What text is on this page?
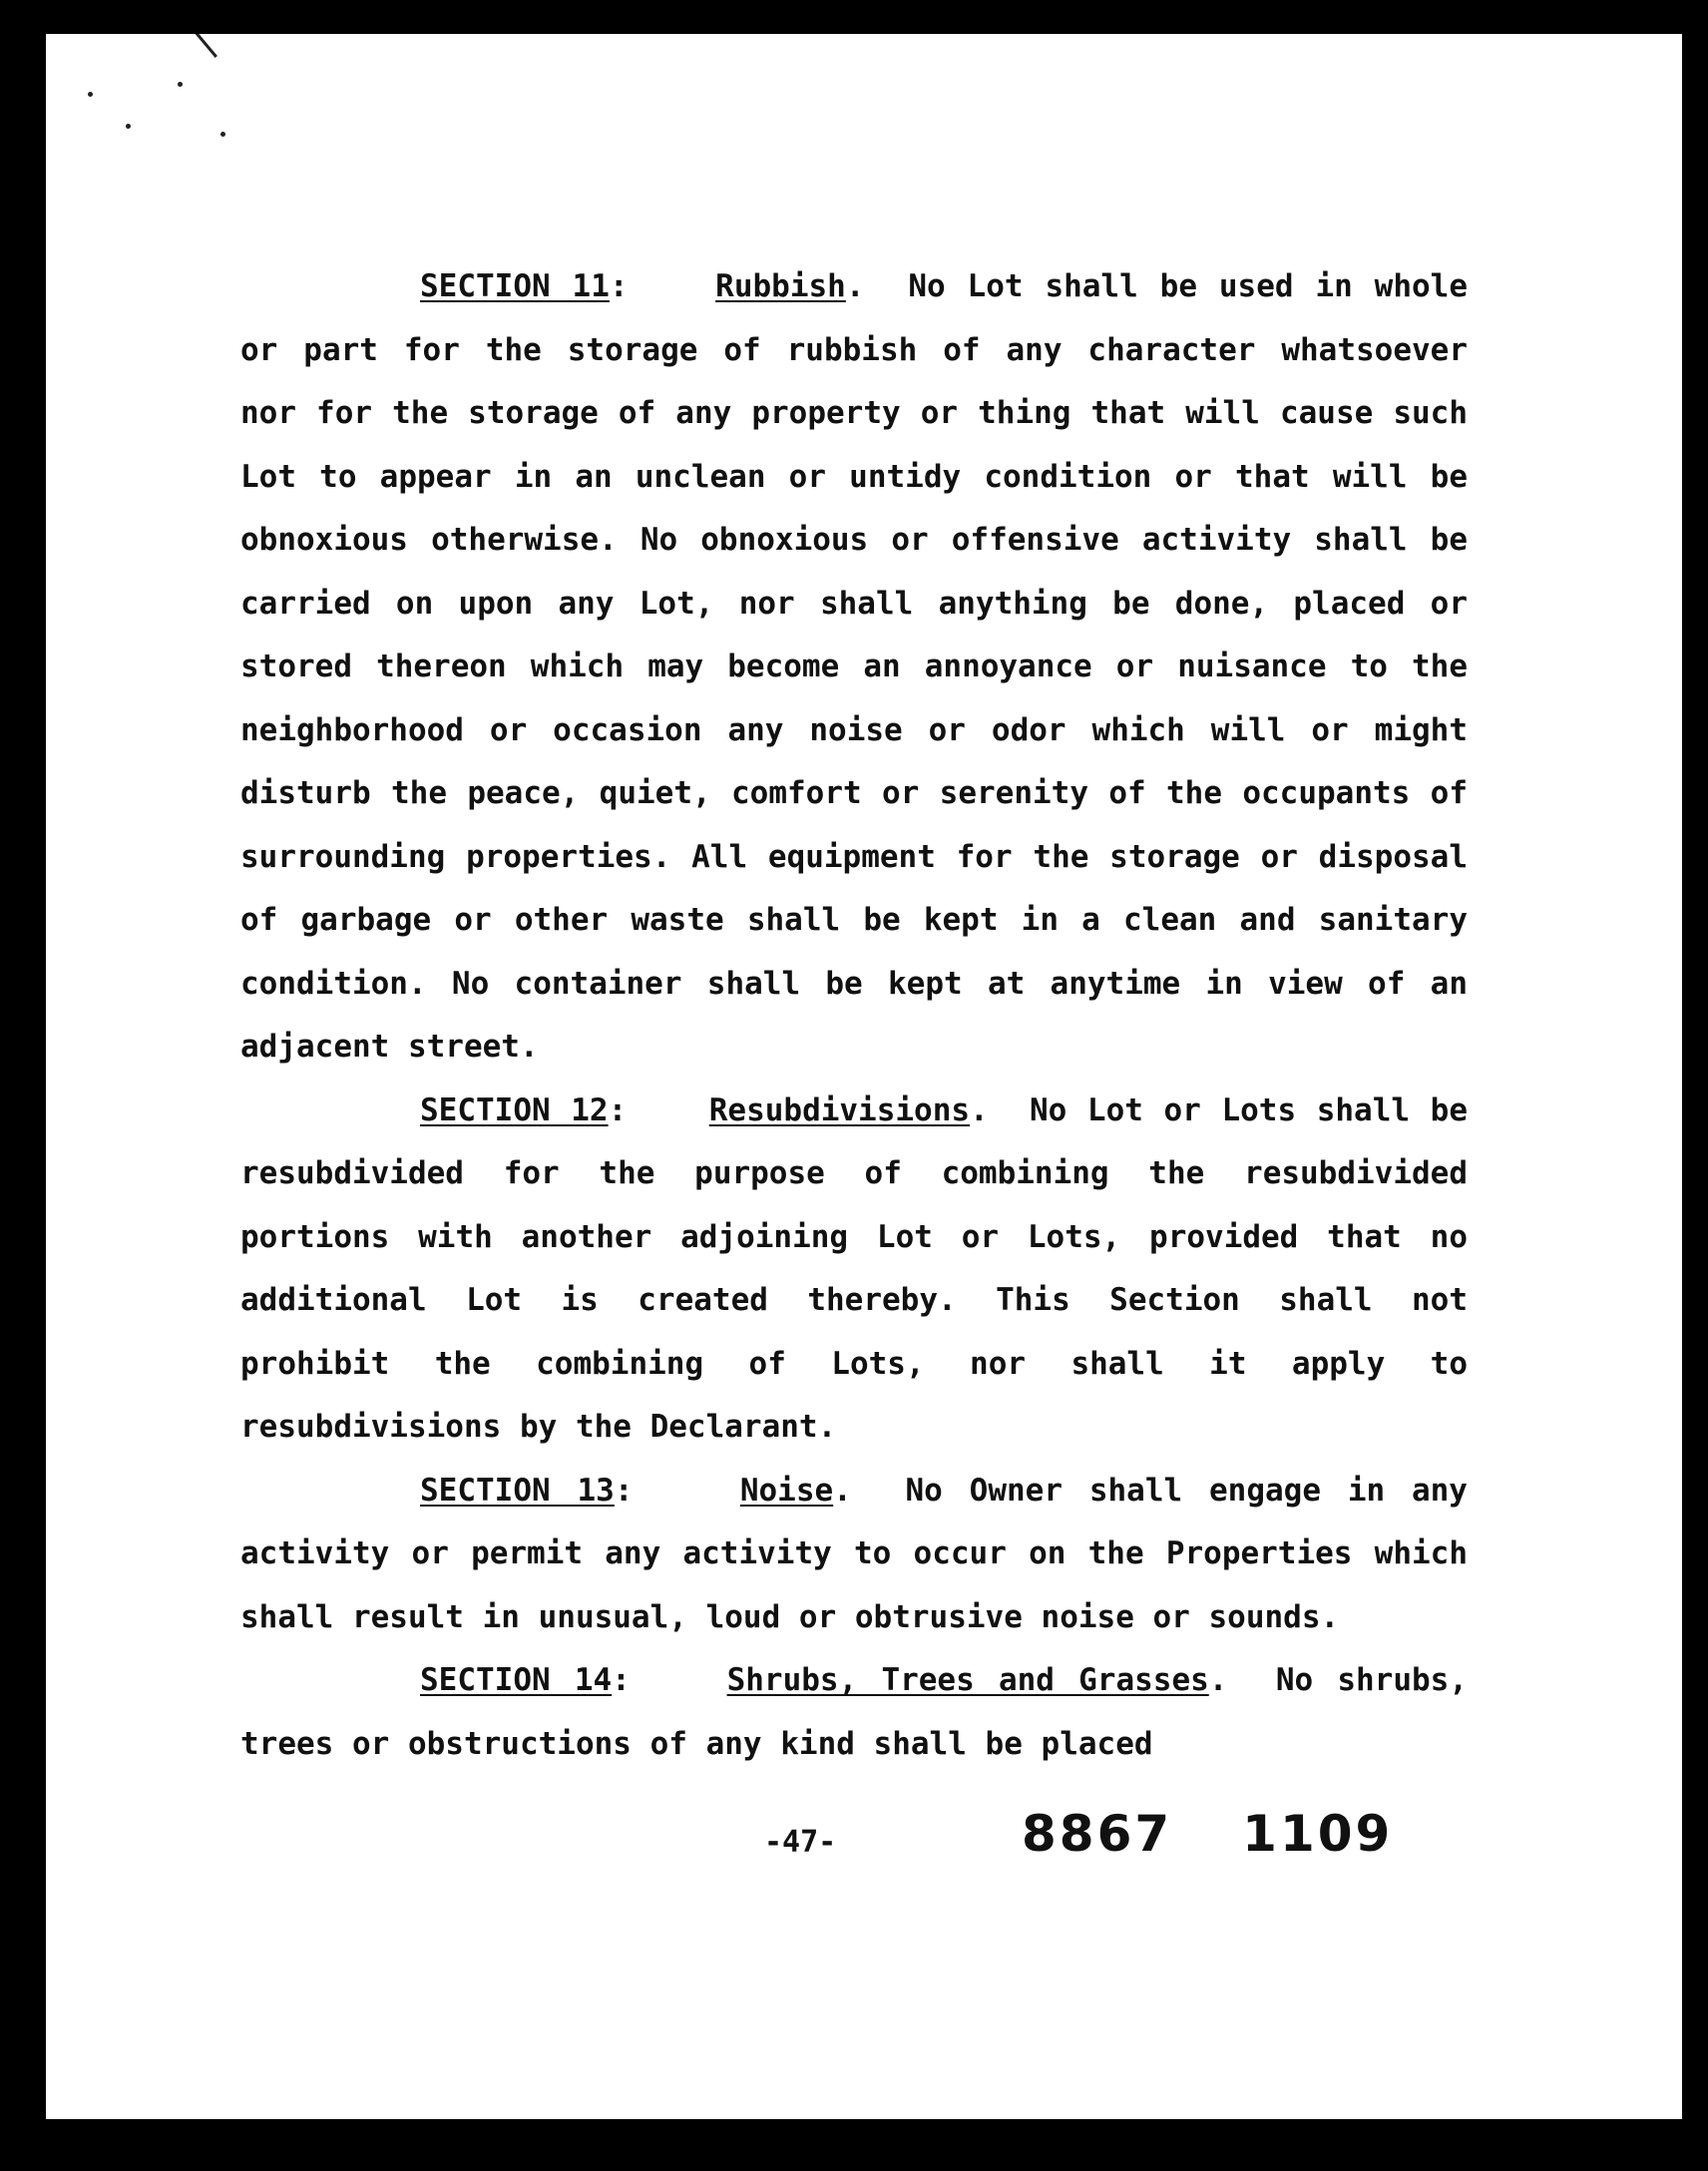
SECTION 11:    Rubbish.  No Lot shall be used in whole or part for the storage of rubbish of any character whatsoever nor for the storage of any property or thing that will cause such Lot to appear in an unclean or untidy condition or that will be obnoxious otherwise. No obnoxious or offensive activity shall be carried on upon any Lot, nor shall anything be done, placed or stored thereon which may become an annoyance or nuisance to the neighborhood or occasion any noise or odor which will or might disturb the peace, quiet, comfort or serenity of the occupants of surrounding properties. All equipment for the storage or disposal of garbage or other waste shall be kept in a clean and sanitary condition. No container shall be kept at anytime in view of an adjacent street.

SECTION 12:    Resubdivisions.  No Lot or Lots shall be resubdivided for the purpose of combining the resubdivided portions with another adjoining Lot or Lots, provided that no additional Lot is created thereby. This Section shall not prohibit the combining of Lots, nor shall it apply to resubdivisions by the Declarant.

SECTION 13:    Noise.  No Owner shall engage in any activity or permit any activity to occur on the Properties which shall result in unusual, loud or obtrusive noise or sounds.

SECTION 14:    Shrubs, Trees and Grasses.  No shrubs, trees or obstructions of any kind shall be placed

-47-	8867 1109
